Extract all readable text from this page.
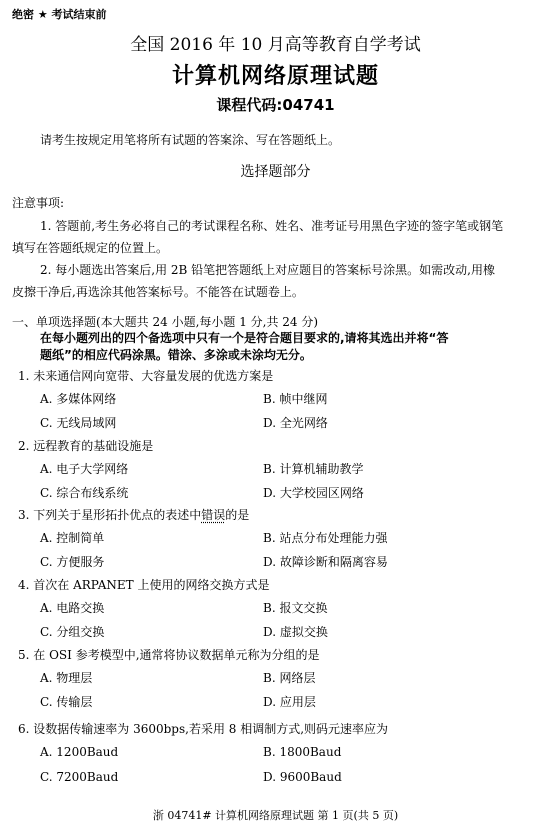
绝密 ★ 考试结束前
全国 2016 年 10 月高等教育自学考试
计算机网络原理试题
课程代码:04741
请考生按规定用笔将所有试题的答案涂、写在答题纸上。
选择题部分
注意事项:
1. 答题前,考生务必将自己的考试课程名称、姓名、准考证号用黑色字迹的签字笔或钢笔
填写在答题纸规定的位置上。
2. 每小题选出答案后,用 2B 铅笔把答题纸上对应题目的答案标号涂黑。如需改动,用橡
皮擦干净后,再选涂其他答案标号。不能答在试题卷上。
一、单项选择题(本大题共 24 小题,每小题 1 分,共 24 分)
在每小题列出的四个备选项中只有一个是符合题目要求的,请将其选出并将“答
题纸”的相应代码涂黑。错涂、多涂或未涂均无分。
1. 未来通信网向宽带、大容量发展的优选方案是
A. 多媒体网络	B. 帧中继网
C. 无线局域网	D. 全光网络
2. 远程教育的基础设施是
A. 电子大学网络	B. 计算机辅助教学
C. 综合布线系统	D. 大学校园区网络
3. 下列关于星形拓扑优点的表述中错误的是
A. 控制简单	B. 站点分布处理能力强
C. 方便服务	D. 故障诊断和隔离容易
4. 首次在 ARPANET 上使用的网络交换方式是
A. 电路交换	B. 报文交换
C. 分组交换	D. 虚拟交换
5. 在 OSI 参考模型中,通常将协议数据单元称为分组的是
A. 物理层	B. 网络层
C. 传输层	D. 应用层
6. 设数据传输速率为 3600bps,若采用 8 相调制方式,则码元速率应为
A. 1200Baud	B. 1800Baud
C. 7200Baud	D. 9600Baud
浙 04741# 计算机网络原理试题 第 1 页(共 5 页)
